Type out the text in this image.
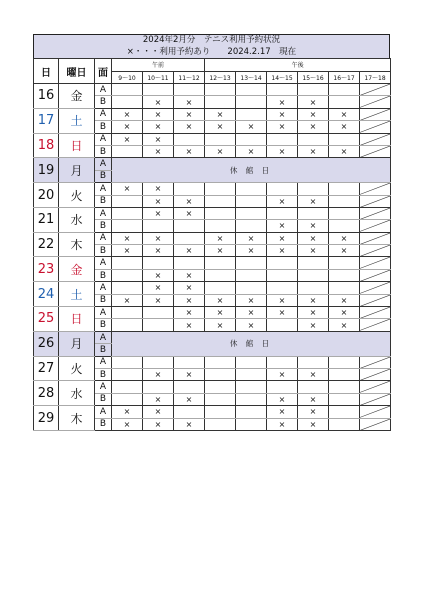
2024年2月分　テニス利用予約状況
×・・・利用予約あり　　2024.2.17　現在
日	曜日	面	午前			午後					
			9～10	10～11	11～12	12～13	13～14	14～15	15～16	16～17	17～18
16	金	A									

		B		×	×			×	×		

17	土	A	×	×	×	×		×	×	×	

		B	×	×	×	×	×	×	×	×	

18	日	A	×	×							

		B		×	×	×	×	×	×	×	

19	月	A	休 館 日								
		B									
20	火	A	×	×							

		B		×	×			×	×		

21	水	A		×	×						

		B						×	×		

22	木	A	×	×		×	×	×	×	×	

		B	×	×	×	×	×	×	×	×	

23	金	A									

		B		×	×						

24	土	A		×	×						

		B	×	×	×	×	×	×	×	×	

25	日	A			×	×	×	×	×	×	

		B			×	×	×		×	×	

26	月	A	休 館 日								
		B									
27	火	A									

		B		×	×			×	×		

28	水	A									

		B		×	×			×	×		

29	木	A	×	×				×	×		

		B	×	×	×			×	×		
